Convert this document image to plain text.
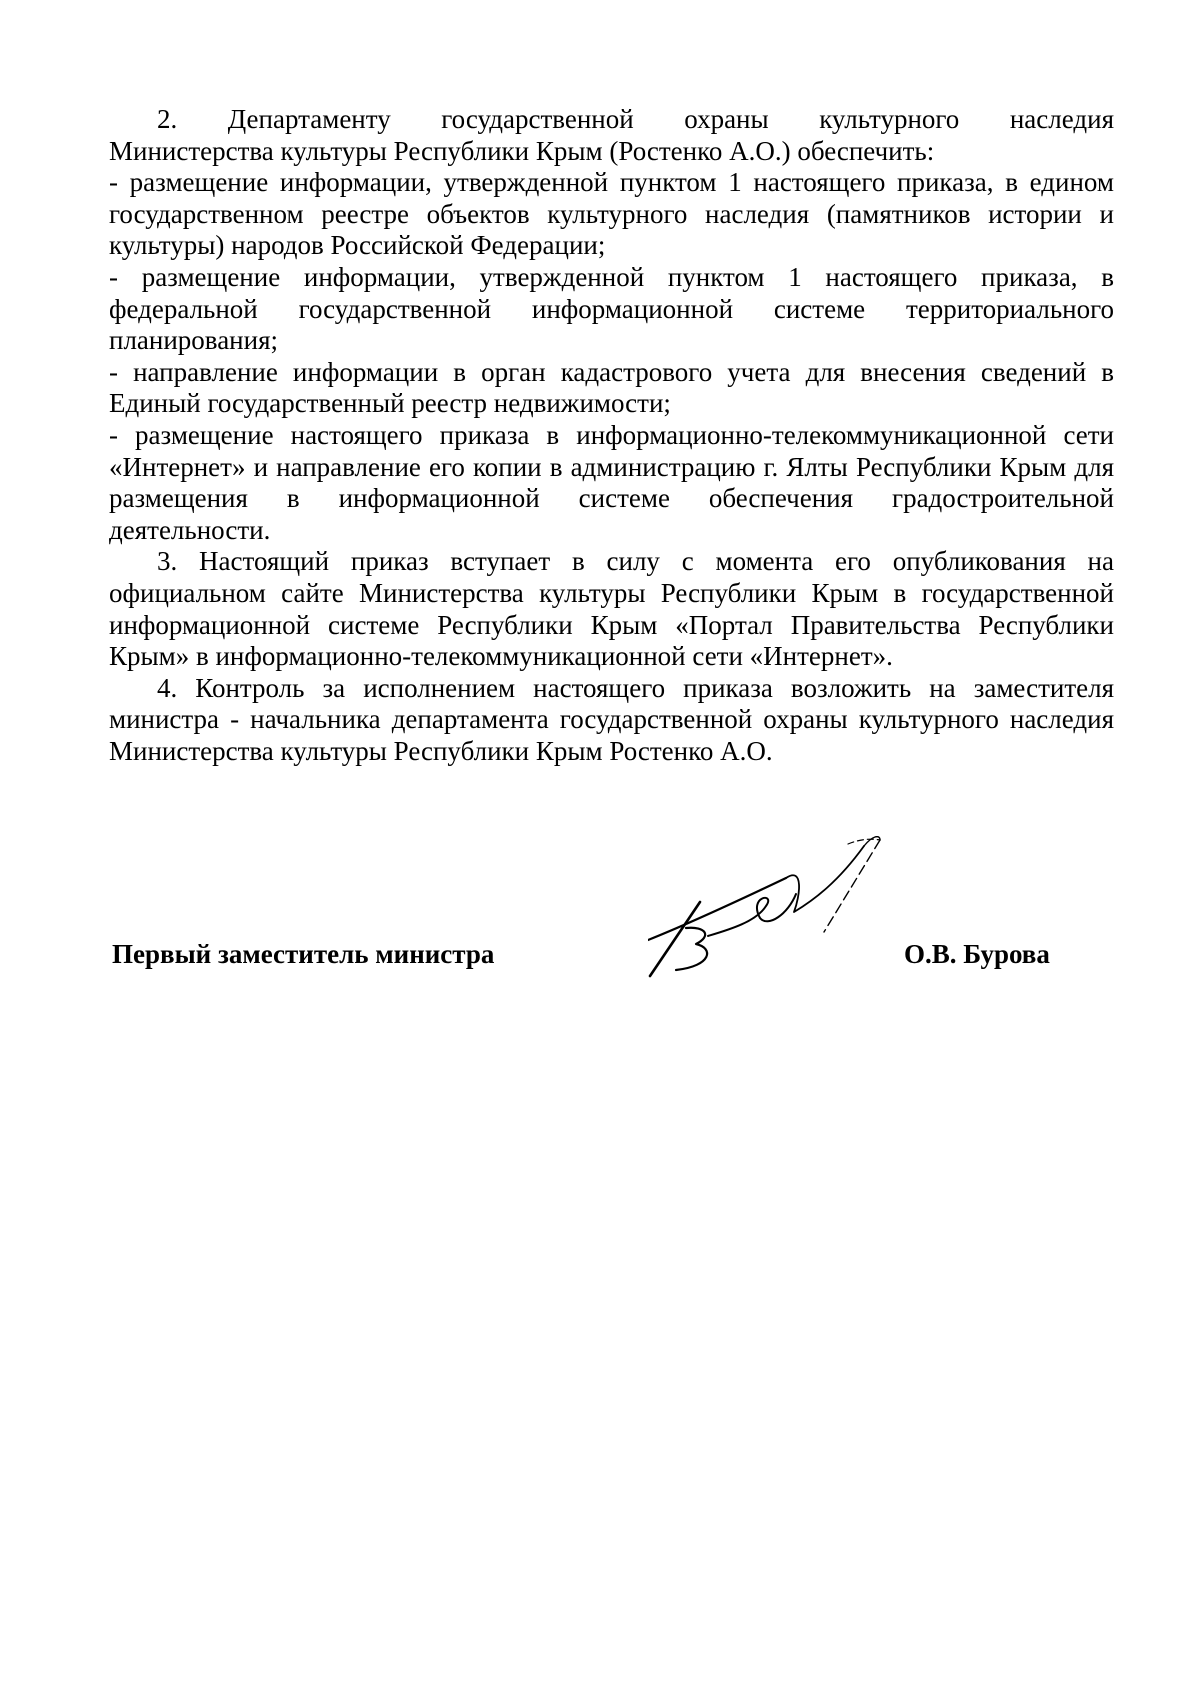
2. Департаменту государственной охраны культурного наследия

Министерства культуры Республики Крым (Ростенко А.О.) обеспечить:

- размещение информации, утвержденной пунктом 1 настоящего приказа, в едином государственном реестре объектов культурного наследия (памятников истории и культуры) народов Российской Федерации;

- размещение информации, утвержденной пунктом 1 настоящего приказа, в федеральной государственной информационной системе территориального планирования;

- направление информации в орган кадастрового учета для внесения сведений в Единый государственный реестр недвижимости;

- размещение настоящего приказа в информационно-телекоммуникационной сети «Интернет» и направление его копии в администрацию г. Ялты Республики Крым для размещения в информационной системе обеспечения градостроительной деятельности.

3. Настоящий приказ вступает в силу с момента его опубликования на официальном сайте Министерства культуры Республики Крым в государственной информационной системе Республики Крым «Портал Правительства Республики Крым» в информационно-телекоммуникационной сети «Интернет».

4. Контроль за исполнением настоящего приказа возложить на заместителя министра - начальника департамента государственной охраны культурного наследия Министерства культуры Республики Крым Ростенко А.О.

Первый заместитель министра	О.В. Бурова
